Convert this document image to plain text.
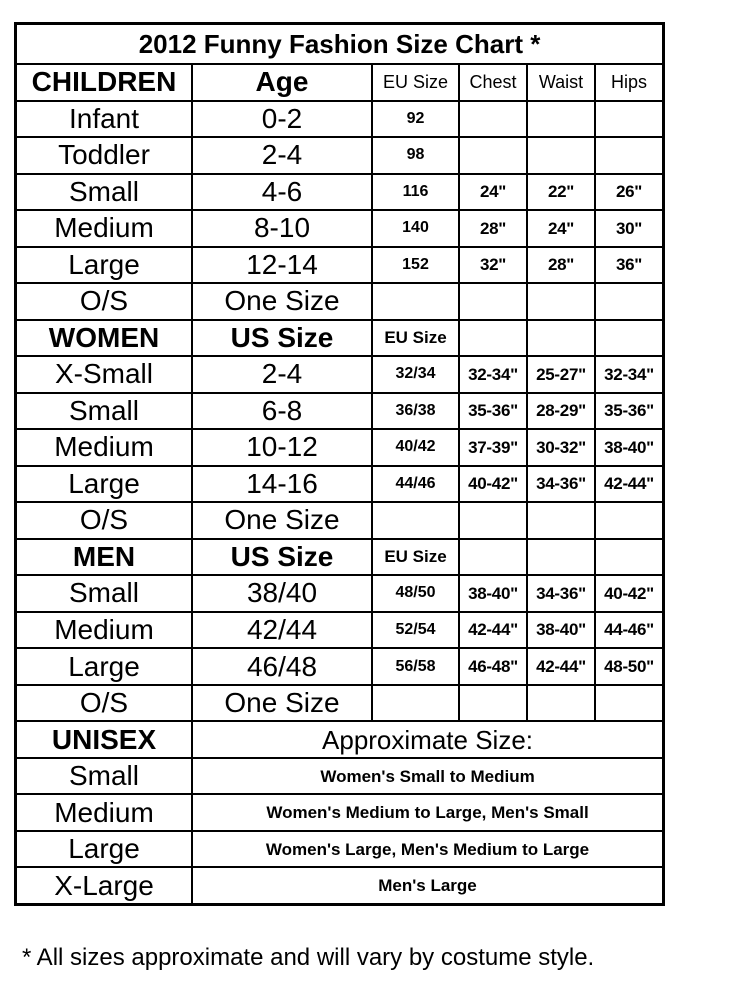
2012 Funny Fashion Size Chart *					
CHILDREN	Age	EU Size	Chest	Waist	Hips
Infant	0-2	92			
Toddler	2-4	98			
Small	4-6	116	24"	22"	26"
Medium	8-10	140	28"	24"	30"
Large	12-14	152	32"	28"	36"
O/S	One Size				
WOMEN	US Size	EU Size			
X-Small	2-4	32/34	32-34"	25-27"	32-34"
Small	6-8	36/38	35-36"	28-29"	35-36"
Medium	10-12	40/42	37-39"	30-32"	38-40"
Large	14-16	44/46	40-42"	34-36"	42-44"
O/S	One Size				
MEN	US Size	EU Size			
Small	38/40	48/50	38-40"	34-36"	40-42"
Medium	42/44	52/54	42-44"	38-40"	44-46"
Large	46/48	56/58	46-48"	42-44"	48-50"
O/S	One Size				
UNISEX	Approximate Size:				
Small	Women's Small to Medium				
Medium	Women's Medium to Large, Men's Small				
Large	Women's Large, Men's Medium to Large				
X-Large	Men's Large				
* All sizes approximate and will vary by costume style.
